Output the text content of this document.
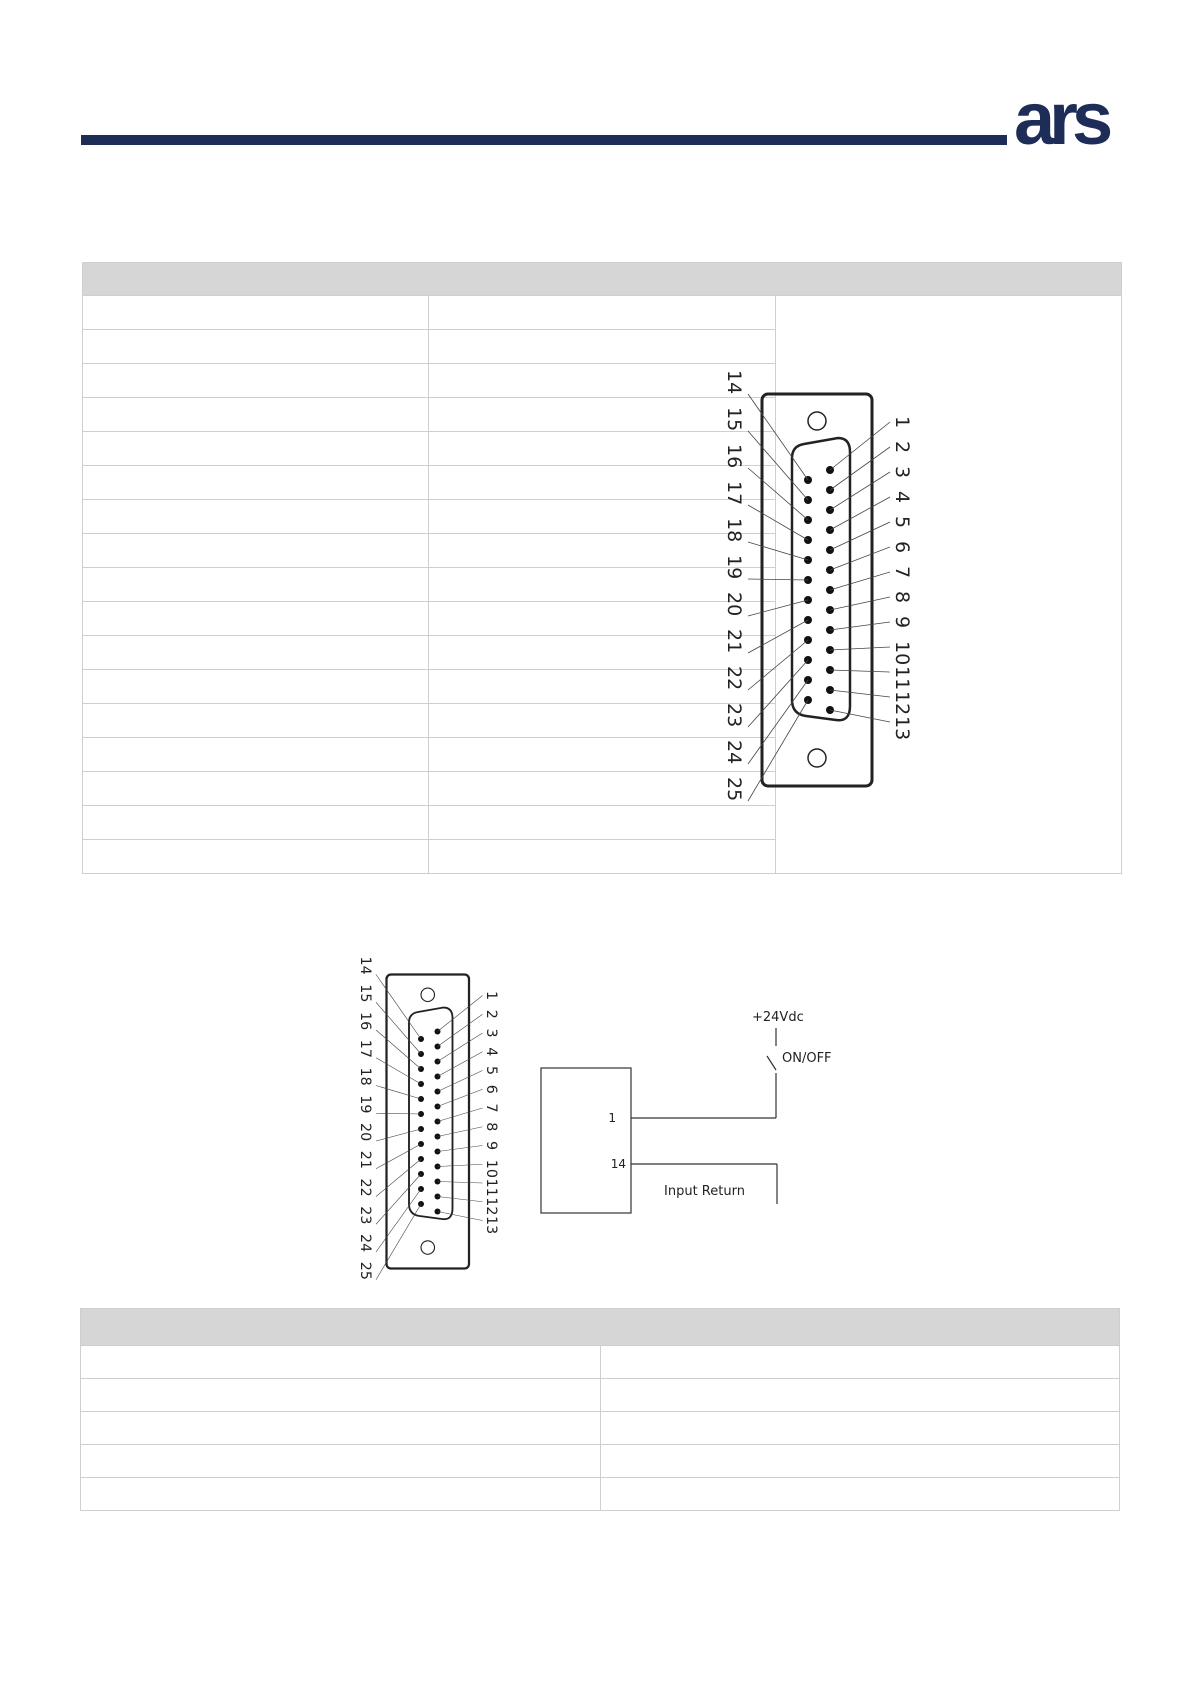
ars

1
2
3
4
5
6
7
8
9
10
11
12
13
14
15
16
17
18
19
20
21
22
23
24
25
1
2
3
4
5
6
7
8
9
10
11
12
13
14
15
16
17
18
19
20
21
22
23
24
25
+24Vdc
ON/OFF
1
14
Input Return
